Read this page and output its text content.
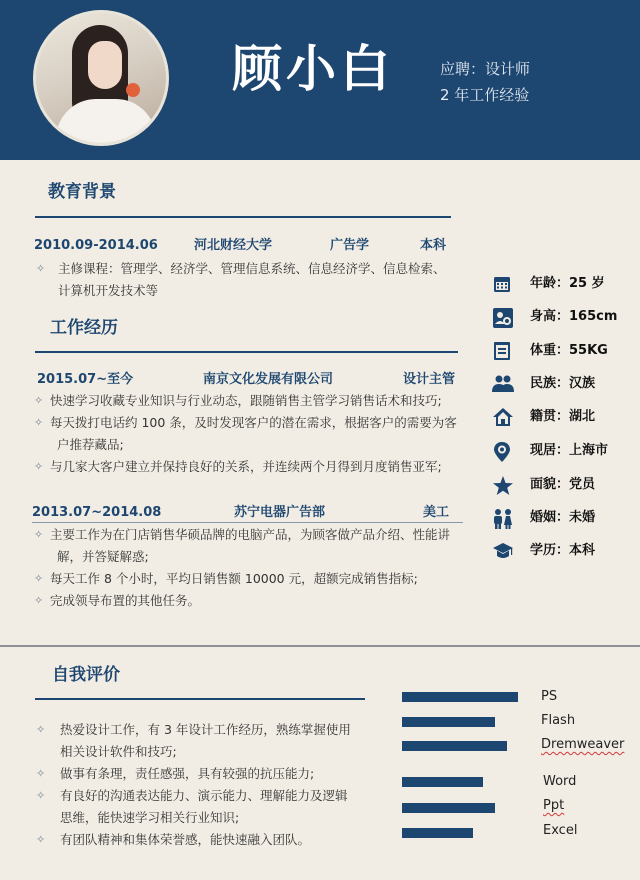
顾小白	应聘：设计师
2 年工作经验
教育背景
2010.09-2014.06	河北财经大学	广告学	本科
✧ 主修课程：管理学、经济学、管理信息系统、信息经济学、信息检索、
计算机开发技术等
工作经历
2015.07~至今	南京文化发展有限公司	设计主管
✧ 快速学习收藏专业知识与行业动态，跟随销售主管学习销售话术和技巧;
✧ 每天拨打电话约 100 条，及时发现客户的潜在需求，根据客户的需要为客
户推荐藏品;
✧ 与几家大客户建立并保持良好的关系，并连续两个月得到月度销售亚军;
2013.07~2014.08	苏宁电器广告部	美工
✧ 主要工作为在门店销售华硕品牌的电脑产品，为顾客做产品介绍、性能讲
解，并答疑解惑;
✧ 每天工作 8 个小时，平均日销售额 10000 元，超额完成销售指标;
✧ 完成领导布置的其他任务。
年龄：25 岁
身高：165cm
体重：55KG
民族：汉族
籍贯：湖北
现居：上海市
面貌：党员
婚姻：未婚
学历：本科
自我评价
✧ 热爱设计工作，有 3 年设计工作经历，熟练掌握使用
相关设计软件和技巧;
✧ 做事有条理，责任感强，具有较强的抗压能力;
✧ 有良好的沟通表达能力、演示能力、理解能力及逻辑
思维，能快速学习相关行业知识;
✧ 有团队精神和集体荣誉感，能快速融入团队。
PS
Flash
Dremweaver
Word
Ppt
Excel
